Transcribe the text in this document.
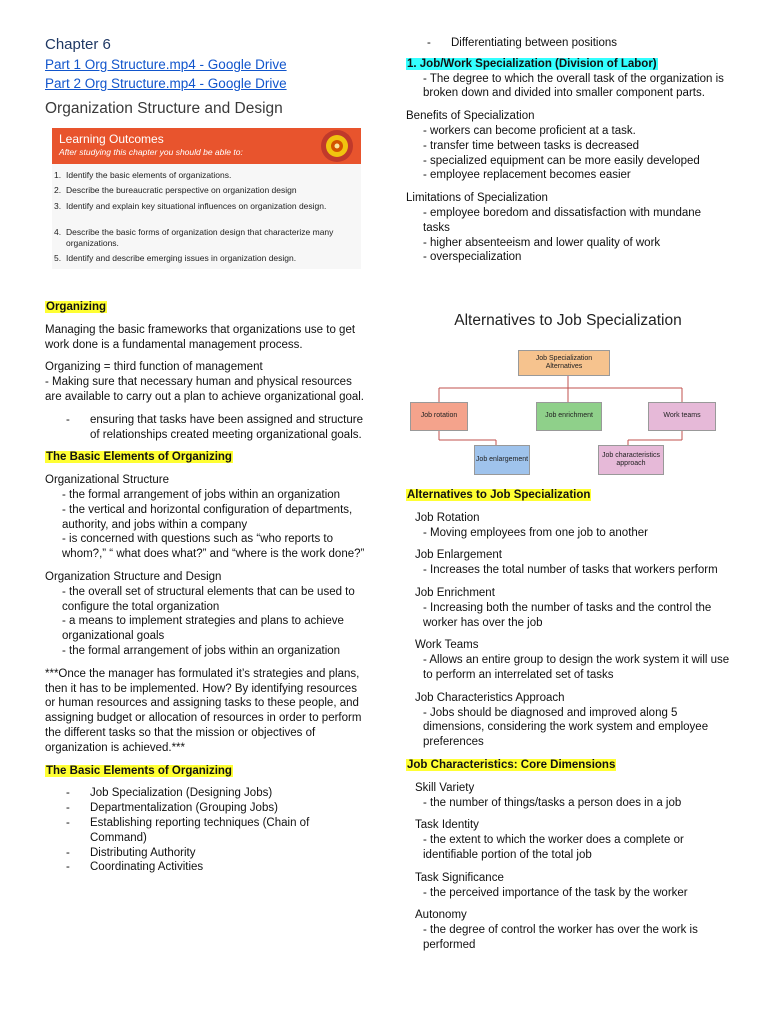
Chapter 6
Part 1 Org Structure.mp4 - Google Drive
Part 2 Org Structure.mp4 - Google Drive
Organization Structure and Design
Learning Outcomes
After studying this chapter you should be able to:
1. Identify the basic elements of organizations.
2. Describe the bureaucratic perspective on organization design
3. Identify and explain key situational influences on organization design.
4. Describe the basic forms of organization design that characterize many organizations.
5. Identify and describe emerging issues in organization design.
Organizing
Managing the basic frameworks that organizations use to get work done is a fundamental management process.
Organizing = third function of management
- Making sure that necessary human and physical resources are available to carry out a plan to achieve organizational goal.
- ensuring that tasks have been assigned and structure of relationships created meeting organizational goals.
The Basic Elements of Organizing
Organizational Structure
- the formal arrangement of jobs within an organization
- the vertical and horizontal configuration of departments, authority, and jobs within a company
- is concerned with questions such as “who reports to whom?,” “ what does what?” and “where is the work done?”
Organization Structure and Design
- the overall set of structural elements that can be used to configure the total organization
- a means to implement strategies and plans to achieve organizational goals
- the formal arrangement of jobs within an organization
***Once the manager has formulated it’s strategies and plans, then it has to be implemented. How? By identifying resources or human resources and assigning tasks to these people, and assigning budget or allocation of resources in order to perform the different tasks so that the mission or objectives of organization is achieved.***
The Basic Elements of Organizing
- Job Specialization (Designing Jobs)
- Departmentalization (Grouping Jobs)
- Establishing reporting techniques (Chain of Command)
- Distributing Authority
- Coordinating Activities
- Differentiating between positions
1. Job/Work Specialization (Division of Labor)
- The degree to which the overall task of the organization is broken down and divided into smaller component parts.
Benefits of Specialization
- workers can become proficient at a task.
- transfer time between tasks is decreased
- specialized equipment can be more easily developed
- employee replacement becomes easier
Limitations of Specialization
- employee boredom and dissatisfaction with mundane tasks
- higher absenteeism and lower quality of work
- overspecialization
Alternatives to Job Specialization
Job Specialization Alternatives
Job rotation	Job enrichment	Work teams
Job enlargement
Job characteristics approach
Alternatives to Job Specialization
Job Rotation
- Moving employees from one job to another
Job Enlargement
- Increases the total number of tasks that workers perform
Job Enrichment
- Increasing both the number of tasks and the control the worker has over the job
Work Teams
- Allows an entire group to design the work system it will use to perform an interrelated set of tasks
Job Characteristics Approach
- Jobs should be diagnosed and improved along 5 dimensions, considering the work system and employee preferences
Job Characteristics: Core Dimensions
Skill Variety
- the number of things/tasks a person does in a job
Task Identity
- the extent to which the worker does a complete or identifiable portion of the total job
Task Significance
- the perceived importance of the task by the worker
Autonomy
- the degree of control the worker has over the work is performed
